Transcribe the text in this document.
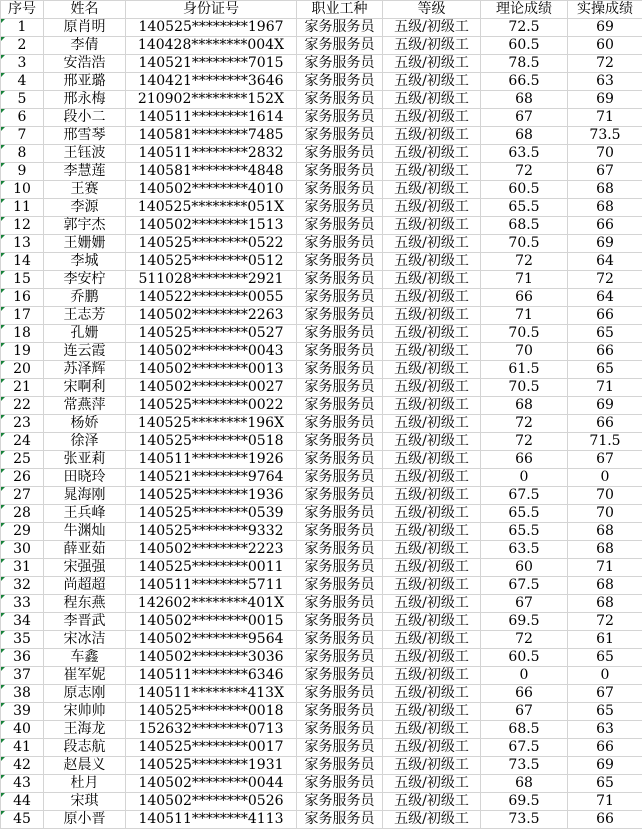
序号	姓名	身份证号	职业工种	等级	理论成绩	实操成绩

1	原肖明	140525********1967	家务服务员	五级/初级工	72.5	69

2	李倩	140428********004X	家务服务员	五级/初级工	60.5	60

3	安浩浩	140521********7015	家务服务员	五级/初级工	78.5	72

4	邢亚璐	140421********3646	家务服务员	五级/初级工	66.5	63

5	邢永梅	210902********152X	家务服务员	五级/初级工	68	69

6	段小二	140511********1614	家务服务员	五级/初级工	67	71

7	邢雪琴	140581********7485	家务服务员	五级/初级工	68	73.5

8	王钰波	140511********2832	家务服务员	五级/初级工	63.5	70

9	李慧莲	140581********4848	家务服务员	五级/初级工	72	67

10	王赛	140502********4010	家务服务员	五级/初级工	60.5	68

11	李源	140525********051X	家务服务员	五级/初级工	65.5	68

12	郭宇杰	140502********1513	家务服务员	五级/初级工	68.5	66

13	王姗姗	140525********0522	家务服务员	五级/初级工	70.5	69

14	李城	140525********0512	家务服务员	五级/初级工	72	64

15	李安柠	511028********2921	家务服务员	五级/初级工	71	72

16	乔鹏	140522********0055	家务服务员	五级/初级工	66	64

17	王志芳	140502********2263	家务服务员	五级/初级工	71	66

18	孔姗	140525********0527	家务服务员	五级/初级工	70.5	65

19	连云霞	140502********0043	家务服务员	五级/初级工	70	66

20	苏泽辉	140502********0013	家务服务员	五级/初级工	61.5	65

21	宋啊利	140502********0027	家务服务员	五级/初级工	70.5	71

22	常燕萍	140525********0022	家务服务员	五级/初级工	68	69

23	杨娇	140525********196X	家务服务员	五级/初级工	72	66

24	徐泽	140525********0518	家务服务员	五级/初级工	72	71.5

25	张亚莉	140511********1926	家务服务员	五级/初级工	66	67

26	田晓玲	140521********9764	家务服务员	五级/初级工	0	0

27	晁海刚	140525********1936	家务服务员	五级/初级工	67.5	70

28	王兵峰	140525********0539	家务服务员	五级/初级工	65.5	70

29	牛渊灿	140525********9332	家务服务员	五级/初级工	65.5	68

30	薛亚茹	140502********2223	家务服务员	五级/初级工	63.5	68

31	宋强强	140525********0011	家务服务员	五级/初级工	60	71

32	尚超超	140511********5711	家务服务员	五级/初级工	67.5	68

33	程东燕	142602********401X	家务服务员	五级/初级工	67	68

34	李晋武	140502********0015	家务服务员	五级/初级工	69.5	72

35	宋冰洁	140502********9564	家务服务员	五级/初级工	72	61

36	车鑫	140502********3036	家务服务员	五级/初级工	60.5	65

37	崔军妮	140511********6346	家务服务员	五级/初级工	0	0

38	原志刚	140511********413X	家务服务员	五级/初级工	66	67

39	宋帅帅	140525********0018	家务服务员	五级/初级工	67	65

40	王海龙	152632********0713	家务服务员	五级/初级工	68.5	63

41	段志航	140525********0017	家务服务员	五级/初级工	67.5	66

42	赵晨义	140525********1931	家务服务员	五级/初级工	73.5	69

43	杜月	140502********0044	家务服务员	五级/初级工	68	65

44	宋琪	140502********0526	家务服务员	五级/初级工	69.5	71

45	原小晋	140511********4113	家务服务员	五级/初级工	73.5	66
